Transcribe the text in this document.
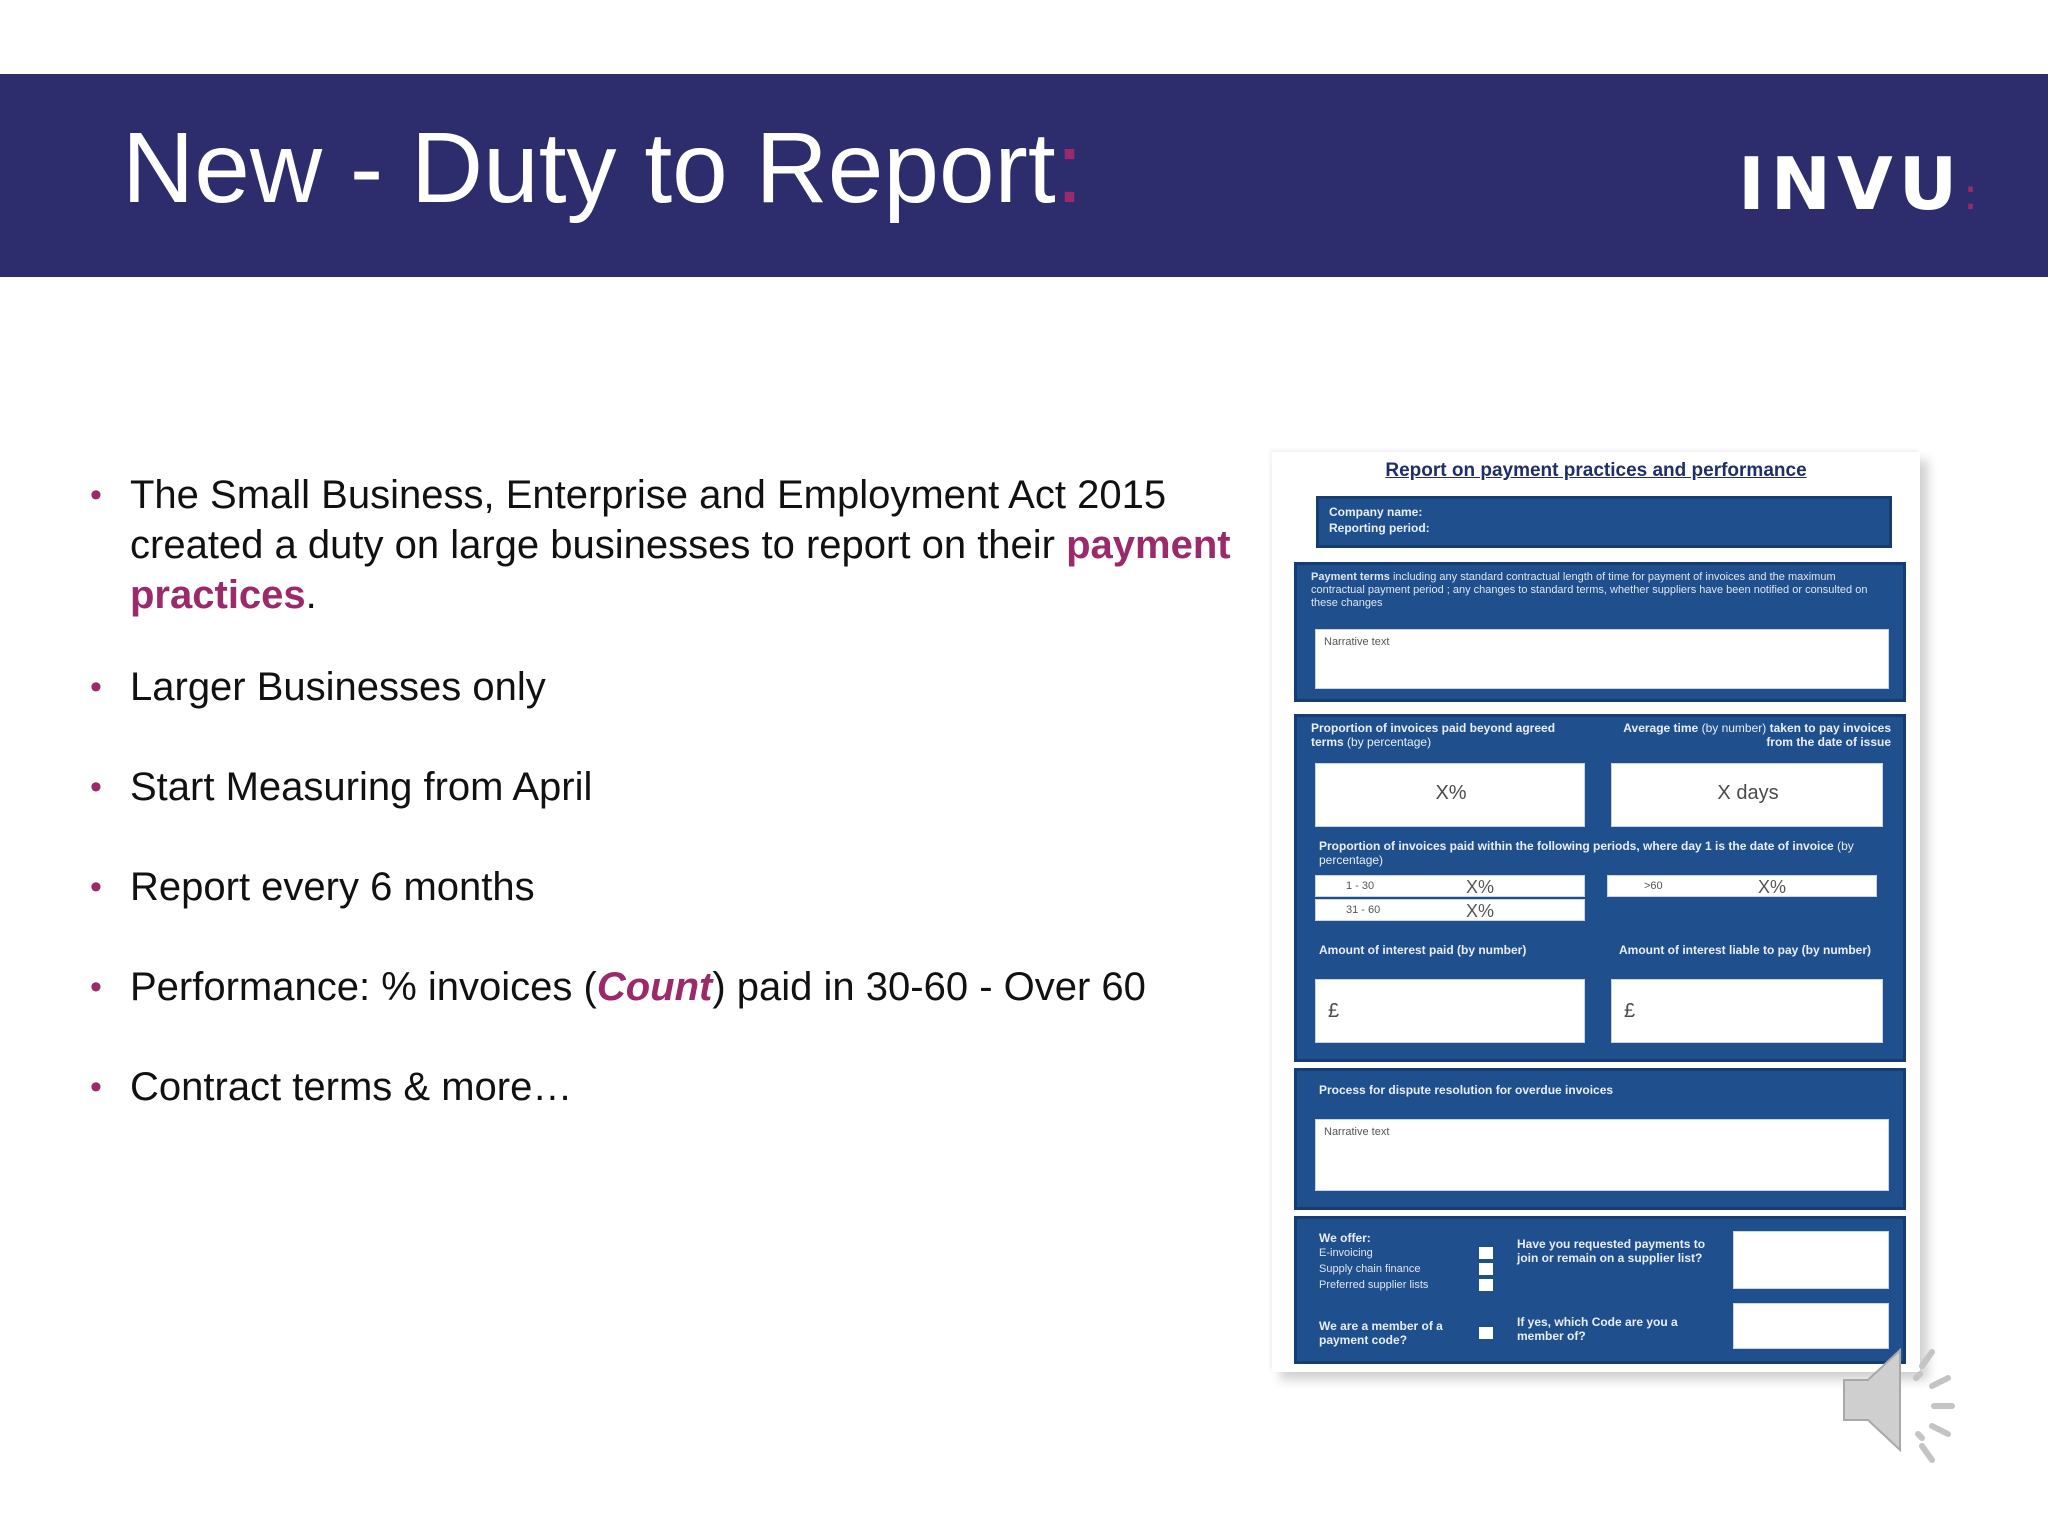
New - Duty to Report:	INVU:
• The Small Business, Enterprise and Employment Act 2015 created a duty on large businesses to report on their payment practices.
• Larger Businesses only
• Start Measuring from April
• Report every 6 months
• Performance: % invoices (Count) paid in 30-60 - Over 60
• Contract terms & more…
Report on payment practices and performance
Company name:
Reporting period:
Payment terms including any standard contractual length of time for payment of invoices and the maximum contractual payment period ; any changes to standard terms, whether suppliers have been notified or consulted on these changes
Narrative text
Proportion of invoices paid beyond agreed terms (by percentage)
Average time (by number) taken to pay invoices from the date of issue
X%	X days
Proportion of invoices paid within the following periods, where day 1 is the date of invoice (by percentage)
1 - 30	X%
31 - 60	X%
>60	X%
Amount of interest paid (by number)	Amount of interest liable to pay (by number)
£	£
Process for dispute resolution for overdue invoices
Narrative text
We offer:
E-invoicing
Supply chain finance
Preferred supplier lists
We are a member of a payment code?
Have you requested payments to join or remain on a supplier list?
If yes, which Code are you a member of?
